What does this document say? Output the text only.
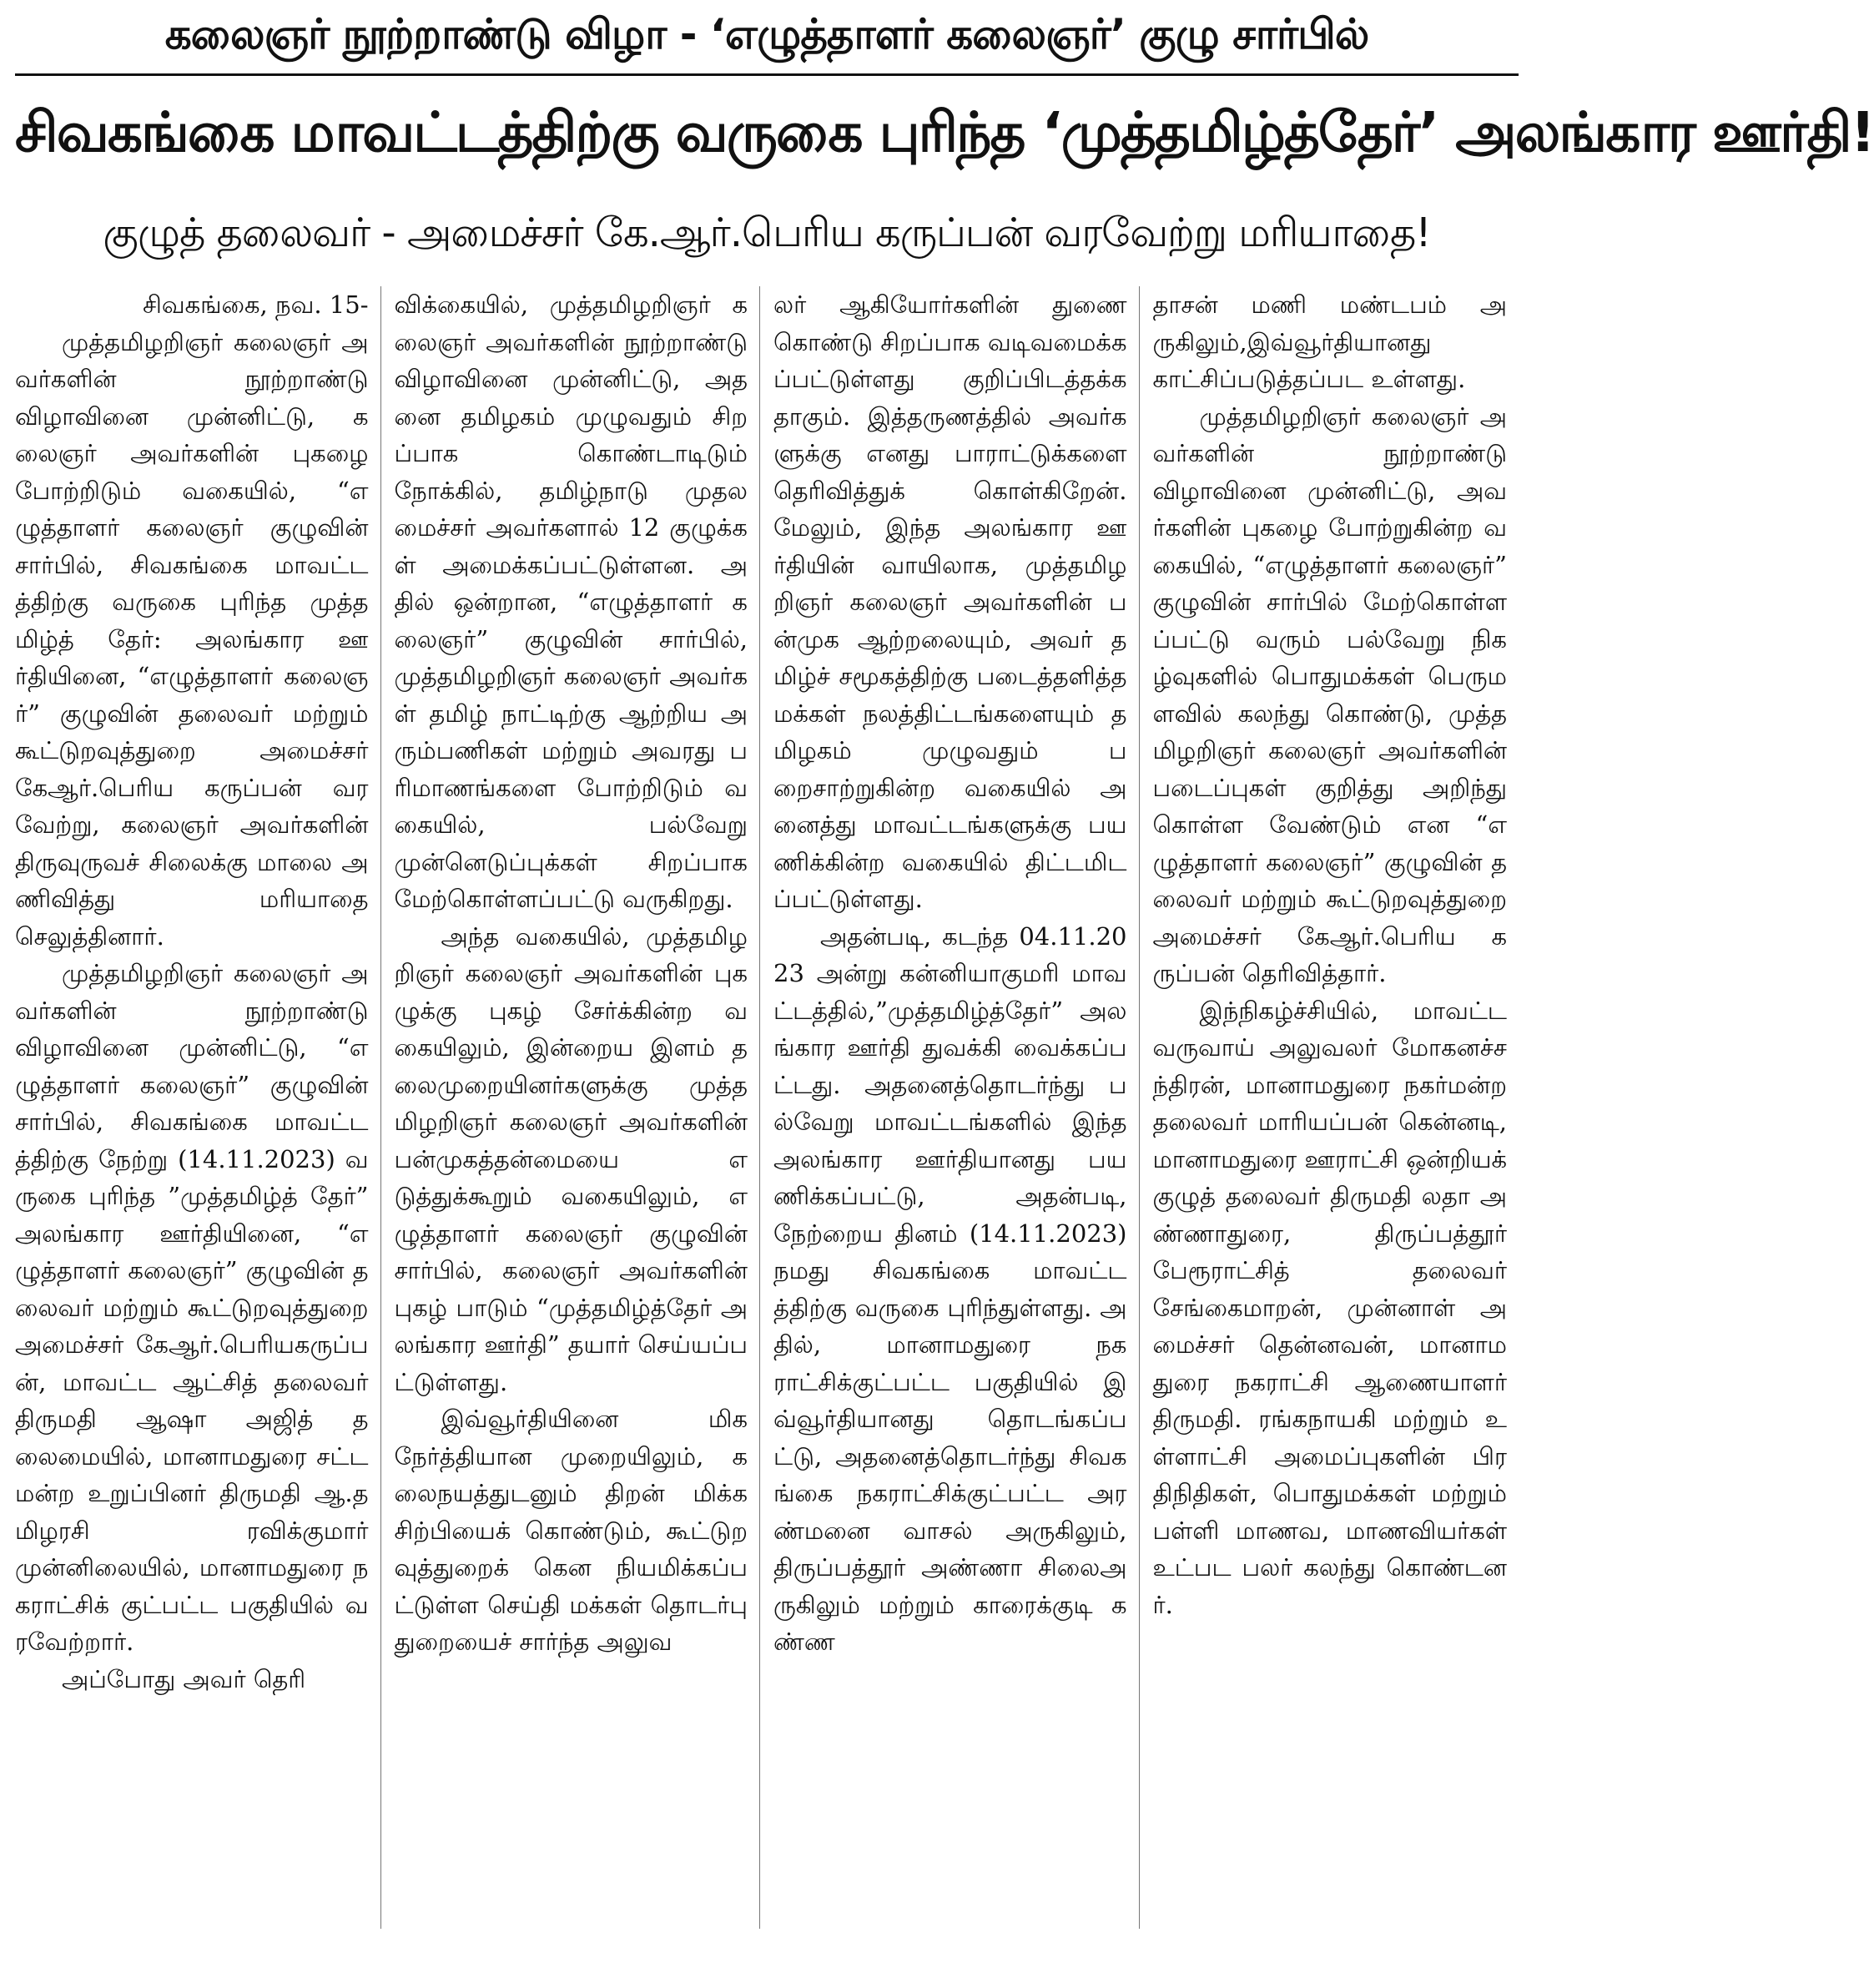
கலைஞர் நூற்றாண்டு விழா - ‘எழுத்தாளர் கலைஞர்’ குழு சார்பில்
சிவகங்கை மாவட்டத்திற்கு வருகை புரிந்த ‘முத்தமிழ்த்தேர்’ அலங்கார ஊர்தி!
குழுத் தலைவர் - அமைச்சர் கே.ஆர்.பெரிய கருப்பன் வரவேற்று மரியாதை!

சிவகங்கை, நவ. 15-

முத்தமிழறிஞர் கலைஞர் அவர்களின் நூற்றாண்டு விழாவினை முன்னிட்டு, கலைஞர் அவர்களின் புகழை போற்றிடும் வகையில், “எழுத்தாளர் கலைஞர் குழுவின் சார்பில், சிவகங்கை மாவட்டத்திற்கு வருகை புரிந்த முத்தமிழ்த் தேர்: அலங்கார ஊர்தியினை, “எழுத்தாளர் கலைஞர்” குழுவின் தலைவர் மற்றும் கூட்டுறவுத்துறை அமைச்சர் கேஆர்.பெரிய கருப்பன் வரவேற்று, கலைஞர் அவர்களின் திருவுருவச் சிலைக்கு மாலை அணிவித்து மரியாதை செலுத்தினார்.

முத்தமிழறிஞர் கலைஞர் அவர்களின் நூற்றாண்டு விழாவினை முன்னிட்டு, “எழுத்தாளர் கலைஞர்” குழுவின் சார்பில், சிவகங்கை மாவட்டத்திற்கு நேற்று (14.11.2023) வருகை புரிந்த ”முத்தமிழ்த் தேர்” அலங்கார ஊர்தியினை, “எழுத்தாளர் கலைஞர்” குழுவின் தலைவர் மற்றும் கூட்டுறவுத்துறை அமைச்சர் கேஆர்.பெரியகருப்பன், மாவட்ட ஆட்சித் தலைவர் திருமதி ஆஷா அஜித் தலைமையில், மானாமதுரை சட்டமன்ற உறுப்பினர் திருமதி ஆ.தமிழரசி ரவிக்குமார் முன்னிலையில், மானாமதுரை நகராட்சிக் குட்பட்ட பகுதியில் வரவேற்றார்.

அப்போது அவர் தெரி

விக்கையில், முத்தமிழறிஞர் கலைஞர் அவர்களின் நூற்றாண்டு விழாவினை முன்னிட்டு, அதனை தமிழகம் முழுவதும் சிறப்பாக கொண்டாடிடும் நோக்கில், தமிழ்நாடு முதலமைச்சர் அவர்களால் 12 குழுக்கள் அமைக்கப்பட்டுள்ளன. அதில் ஒன்றான, “எழுத்தாளர் கலைஞர்” குழுவின் சார்பில், முத்தமிழறிஞர் கலைஞர் அவர்கள் தமிழ் நாட்டிற்கு ஆற்றிய அரும்பணிகள் மற்றும் அவரது பரிமாணங்களை போற்றிடும் வகையில், பல்வேறு முன்னெடுப்புக்கள் சிறப்பாக மேற்கொள்ளப்பட்டு வருகிறது.

அந்த வகையில், முத்தமிழறிஞர் கலைஞர் அவர்களின் புகழுக்கு புகழ் சேர்க்கின்ற வகையிலும், இன்றைய இளம் தலைமுறையினர்களுக்கு முத்தமிழறிஞர் கலைஞர் அவர்களின் பன்முகத்தன்மையை எடுத்துக்கூறும் வகையிலும், எழுத்தாளர் கலைஞர் குழுவின் சார்பில், கலைஞர் அவர்களின் புகழ் பாடும் “முத்தமிழ்த்தேர் அலங்கார ஊர்தி” தயார் செய்யப்பட்டுள்ளது.

இவ்வூர்தியினை மிக நேர்த்தியான முறையிலும், கலைநயத்துடனும் திறன் மிக்க சிற்பியைக் கொண்டும், கூட்டுறவுத்துறைக் கென நியமிக்கப்பட்டுள்ள செய்தி மக்கள் தொடர்பு துறையைச் சார்ந்த அலுவ

லர் ஆகியோர்களின் துணை கொண்டு சிறப்பாக வடிவமைக்கப்பட்டுள்ளது குறிப்பிடத்தக்கதாகும். இத்தருணத்தில் அவர்களுக்கு எனது பாராட்டுக்களை தெரிவித்துக் கொள்கிறேன். மேலும், இந்த அலங்கார ஊர்தியின் வாயிலாக, முத்தமிழறிஞர் கலைஞர் அவர்களின் பன்முக ஆற்றலையும், அவர் தமிழ்ச் சமூகத்திற்கு படைத்தளித்த மக்கள் நலத்திட்டங்களையும் தமிழகம் முழுவதும் பறைசாற்றுகின்ற வகையில் அனைத்து மாவட்டங்களுக்கு பயணிக்கின்ற வகையில் திட்டமிடப்பட்டுள்ளது.

அதன்படி, கடந்த 04.11.2023 அன்று கன்னியாகுமரி மாவட்டத்தில்,”முத்தமிழ்த்தேர்” அலங்கார ஊர்தி துவக்கி வைக்கப்பட்டது. அதனைத்தொடர்ந்து பல்வேறு மாவட்டங்களில் இந்த அலங்கார ஊர்தியானது பயணிக்கப்பட்டு, அதன்படி, நேற்றைய தினம் (14.11.2023) நமது சிவகங்கை மாவட்டத்திற்கு வருகை புரிந்துள்ளது. அதில், மானாமதுரை நகராட்சிக்குட்பட்ட பகுதியில் இவ்வூர்தியானது தொடங்கப்பட்டு, அதனைத்தொடர்ந்து சிவகங்கை நகராட்சிக்குட்பட்ட அரண்மனை வாசல் அருகிலும், திருப்பத்தூர் அண்ணா சிலைஅருகிலும் மற்றும் காரைக்குடி கண்ண

தாசன் மணி மண்டபம் அருகிலும்,இவ்வூர்தியானது காட்சிப்படுத்தப்பட உள்ளது.

முத்தமிழறிஞர் கலைஞர் அவர்களின் நூற்றாண்டு விழாவினை முன்னிட்டு, அவர்களின் புகழை போற்றுகின்ற வகையில், “எழுத்தாளர் கலைஞர்” குழுவின் சார்பில் மேற்கொள்ளப்பட்டு வரும் பல்வேறு நிகழ்வுகளில் பொதுமக்கள் பெருமளவில் கலந்து கொண்டு, முத்தமிழறிஞர் கலைஞர் அவர்களின் படைப்புகள் குறித்து அறிந்து கொள்ள வேண்டும் என “எழுத்தாளர் கலைஞர்” குழுவின் தலைவர் மற்றும் கூட்டுறவுத்துறை அமைச்சர் கேஆர்.பெரிய கருப்பன் தெரிவித்தார்.

இந்நிகழ்ச்சியில், மாவட்ட வருவாய் அலுவலர் மோகனச்சந்திரன், மானாமதுரை நகர்மன்ற தலைவர் மாரியப்பன் கென்னடி, மானாமதுரை ஊராட்சி ஒன்றியக் குழுத் தலைவர் திருமதி லதா அண்ணாதுரை, திருப்பத்தூர் பேரூராட்சித் தலைவர் சேங்கைமாறன், முன்னாள் அமைச்சர் தென்னவன், மானாமதுரை நகராட்சி ஆணையாளர் திருமதி. ரங்கநாயகி மற்றும் உள்ளாட்சி அமைப்புகளின் பிரதிநிதிகள், பொதுமக்கள் மற்றும் பள்ளி மாணவ, மாணவியர்கள் உட்பட பலர் கலந்து கொண்டனர்.
